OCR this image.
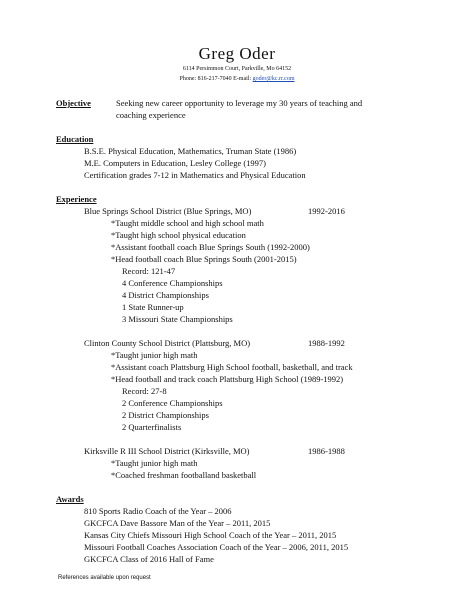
Greg Oder
6114 Persimmon Court, Parkville, Mo 64152
Phone: 816-217-7040 E-mail: goder@kc.rr.com
Objective	Seeking new career opportunity to leverage my 30 years of teaching and
coaching experience
Education
B.S.E. Physical Education, Mathematics, Truman State (1986)
M.E. Computers in Education, Lesley College (1997)
Certification grades 7-12 in Mathematics and Physical Education
Experience
Blue Springs School District (Blue Springs, MO)	1992-2016
*Taught middle school and high school math
*Taught high school physical education
*Assistant football coach Blue Springs South (1992-2000)
*Head football coach Blue Springs South (2001-2015)
Record: 121-47
4 Conference Championships
4 District Championships
1 State Runner-up
3 Missouri State Championships
Clinton County School District (Plattsburg, MO)	1988-1992
*Taught junior high math
*Assistant coach Plattsburg High School football, basketball, and track
*Head football and track coach Plattsburg High School (1989-1992)
Record: 27-8
2 Conference Championships
2 District Championships
2 Quarterfinalists
Kirksville R III School District (Kirksville, MO)	1986-1988
*Taught junior high math
*Coached freshman footballand basketball
Awards
810 Sports Radio Coach of the Year – 2006
GKCFCA Dave Bassore Man of the Year – 2011, 2015
Kansas City Chiefs Missouri High School Coach of the Year – 2011, 2015
Missouri Football Coaches Association Coach of the Year – 2006, 2011, 2015
GKCFCA Class of 2016 Hall of Fame
References available upon request
